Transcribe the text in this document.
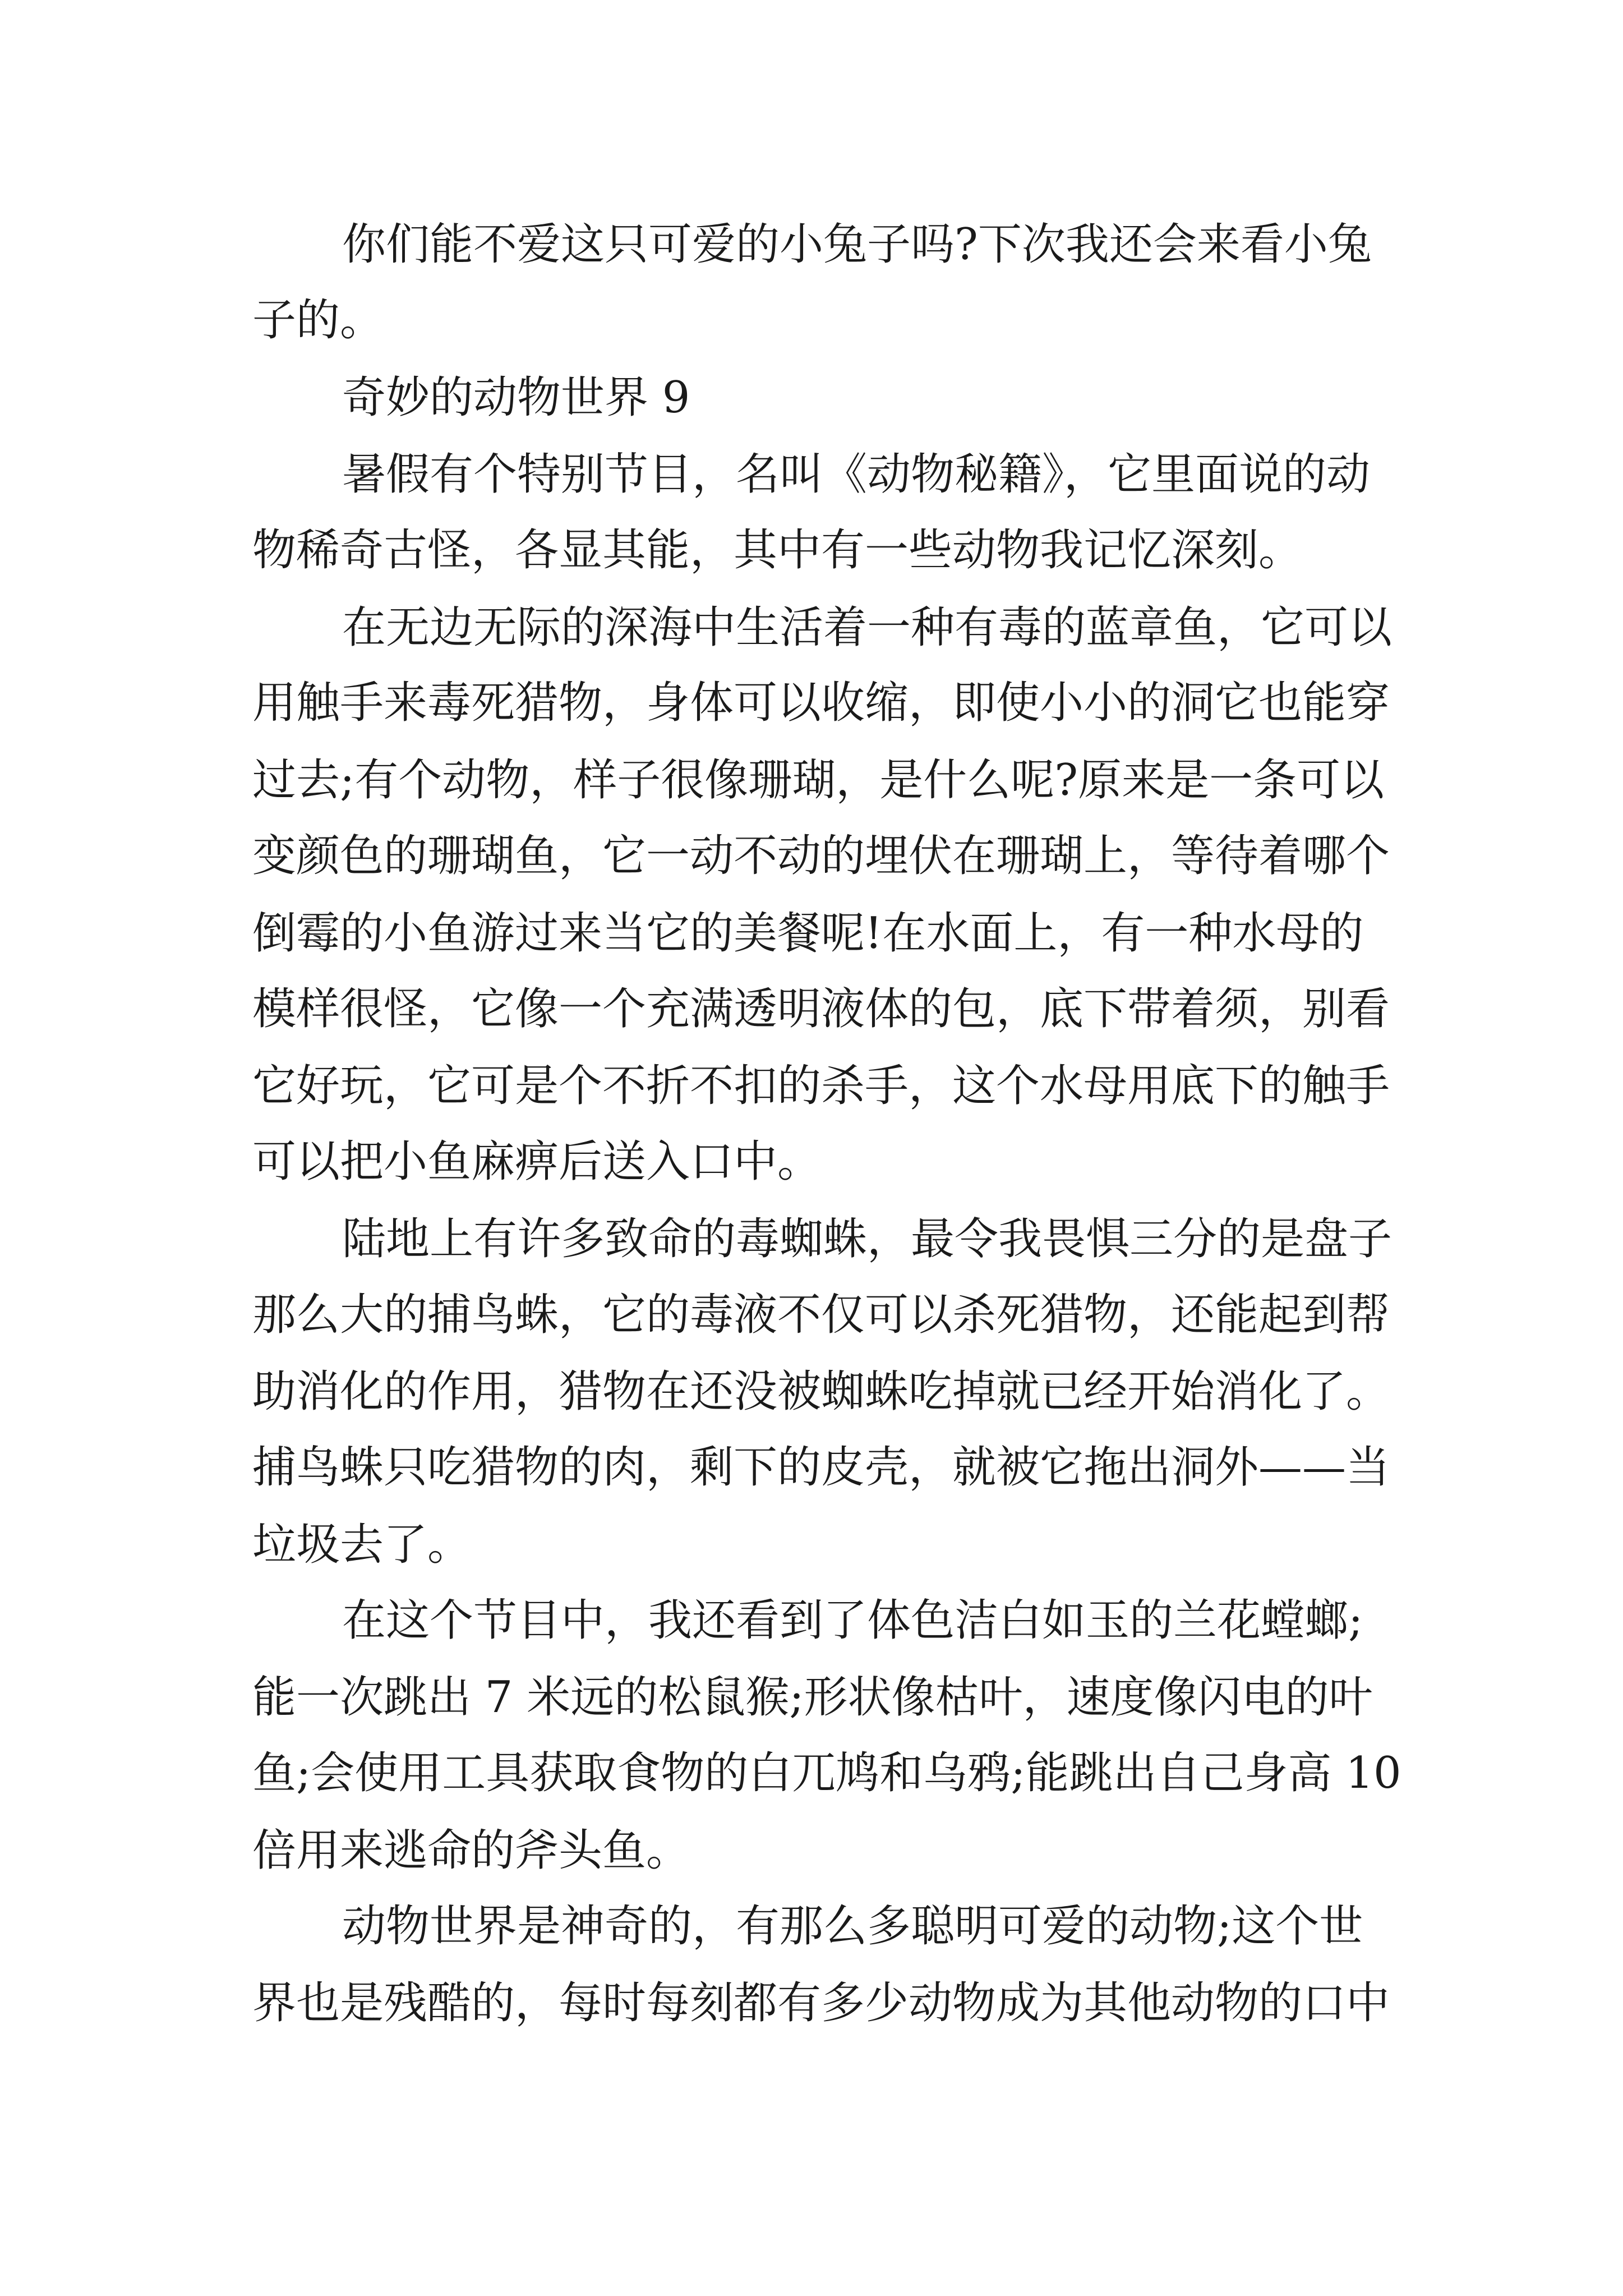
你们能不爱这只可爱的小兔子吗?下次我还会来看小兔

子的。

奇妙的动物世界 9

暑假有个特别节目，名叫《动物秘籍》，它里面说的动

物稀奇古怪，各显其能，其中有一些动物我记忆深刻。

在无边无际的深海中生活着一种有毒的蓝章鱼，它可以

用触手来毒死猎物，身体可以收缩，即使小小的洞它也能穿

过去;有个动物，样子很像珊瑚，是什么呢?原来是一条可以

变颜色的珊瑚鱼，它一动不动的埋伏在珊瑚上，等待着哪个

倒霉的小鱼游过来当它的美餐呢!在水面上，有一种水母的

模样很怪，它像一个充满透明液体的包，底下带着须，别看

它好玩，它可是个不折不扣的杀手，这个水母用底下的触手

可以把小鱼麻痹后送入口中。

陆地上有许多致命的毒蜘蛛，最令我畏惧三分的是盘子

那么大的捕鸟蛛，它的毒液不仅可以杀死猎物，还能起到帮

助消化的作用，猎物在还没被蜘蛛吃掉就已经开始消化了。

捕鸟蛛只吃猎物的肉，剩下的皮壳，就被它拖出洞外——当

垃圾去了。

在这个节目中，我还看到了体色洁白如玉的兰花螳螂;

能一次跳出 7 米远的松鼠猴;形状像枯叶，速度像闪电的叶

鱼;会使用工具获取食物的白兀鸠和乌鸦;能跳出自己身高 10

倍用来逃命的斧头鱼。

动物世界是神奇的，有那么多聪明可爱的动物;这个世

界也是残酷的，每时每刻都有多少动物成为其他动物的口中
